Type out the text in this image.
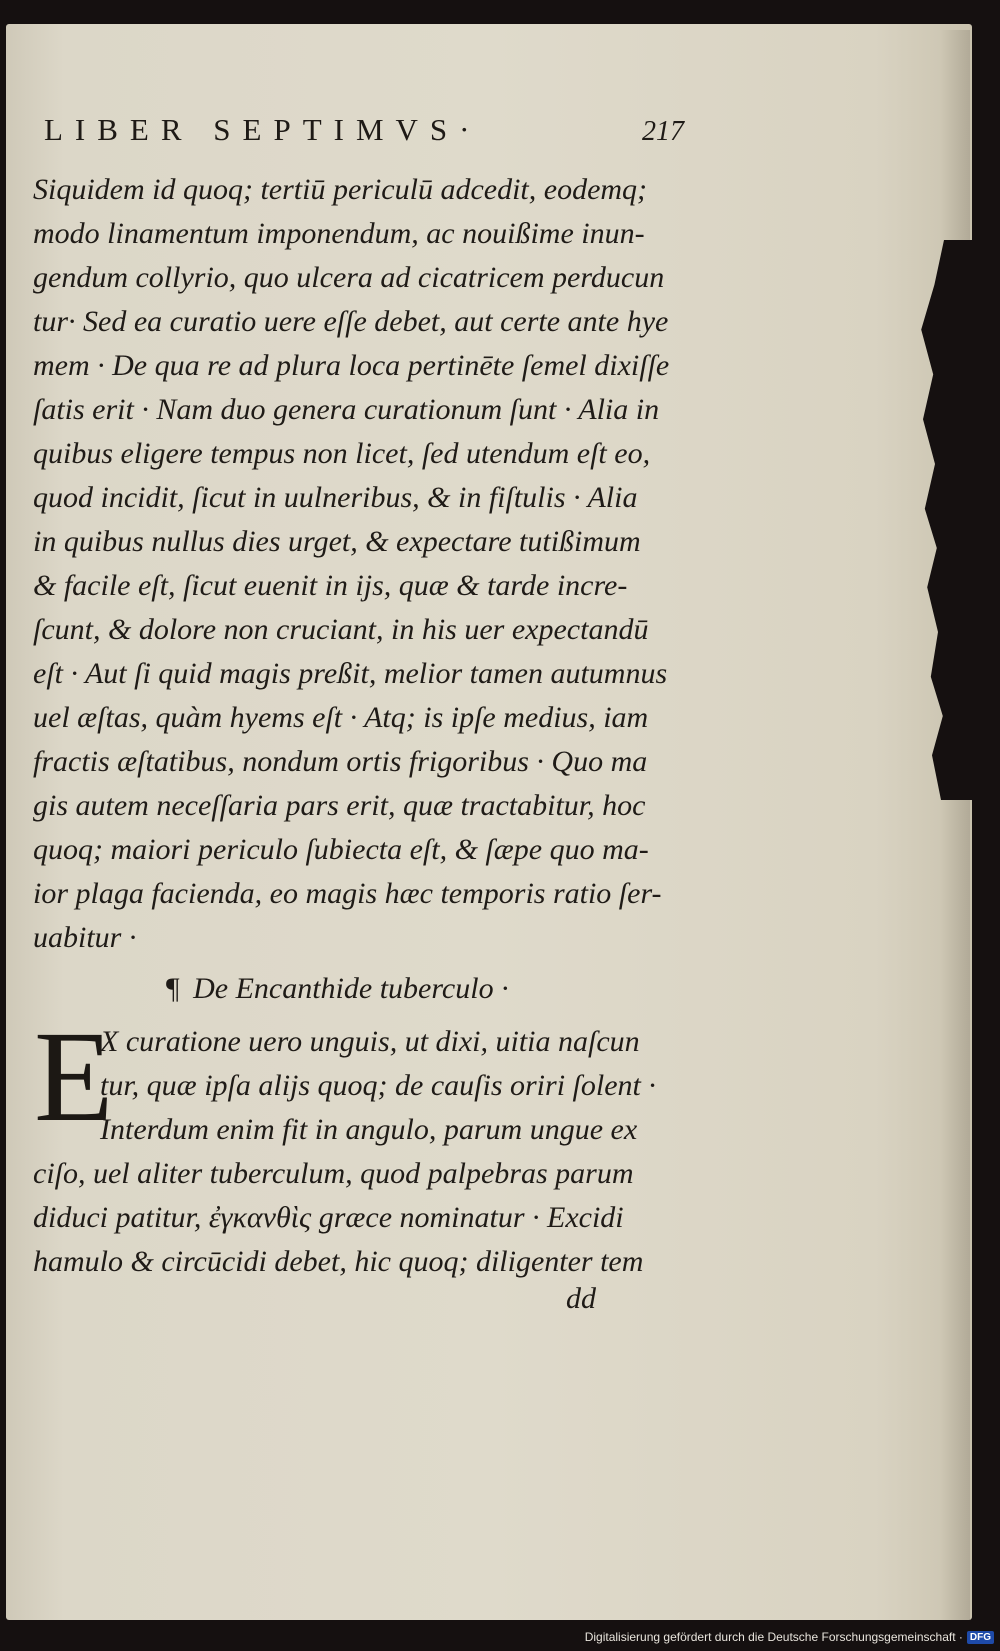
LIBER SEPTIMVS·	217
Siquidem id quoq; tertiū periculū adcedit, eodemq;
modo linamentum imponendum, ac nouißime inun-
gendum collyrio, quo ulcera ad cicatricem perducun
tur· Sed ea curatio uere eſſe debet, aut certe ante hye
mem · De qua re ad plura loca pertinēte ſemel dixiſſe
ſatis erit · Nam duo genera curationum ſunt · Alia in
quibus eligere tempus non licet, ſed utendum eſt eo,
quod incidit, ſicut in uulneribus, & in fiſtulis · Alia
in quibus nullus dies urget, & expectare tutißimum
& facile eſt, ſicut euenit in ijs, quæ & tarde incre-
ſcunt, & dolore non cruciant, in his uer expectandū
eſt · Aut ſi quid magis preßit, melior tamen autumnus
uel æſtas, quàm hyems eſt · Atq; is ipſe medius, iam
fractis æſtatibus, nondum ortis frigoribus · Quo ma
gis autem neceſſaria pars erit, quæ tractabitur, hoc
quoq; maiori periculo ſubiecta eſt, & ſæpe quo ma-
ior plaga facienda, eo magis hæc temporis ratio ſer-
uabitur ·
¶ De Encanthide tuberculo ·
E
X curatione uero unguis, ut dixi, uitia naſcun
tur, quæ ipſa alijs quoq; de cauſis oriri ſolent ·
Interdum enim fit in angulo, parum ungue ex
ciſo, uel aliter tuberculum, quod palpebras parum
diduci patitur, ἐγκανθὶς græce nominatur · Excidi
hamulo & circūcidi debet, hic quoq; diligenter tem
dd
Digitalisierung gefördert durch die Deutsche Forschungsgemeinschaft · DFG
